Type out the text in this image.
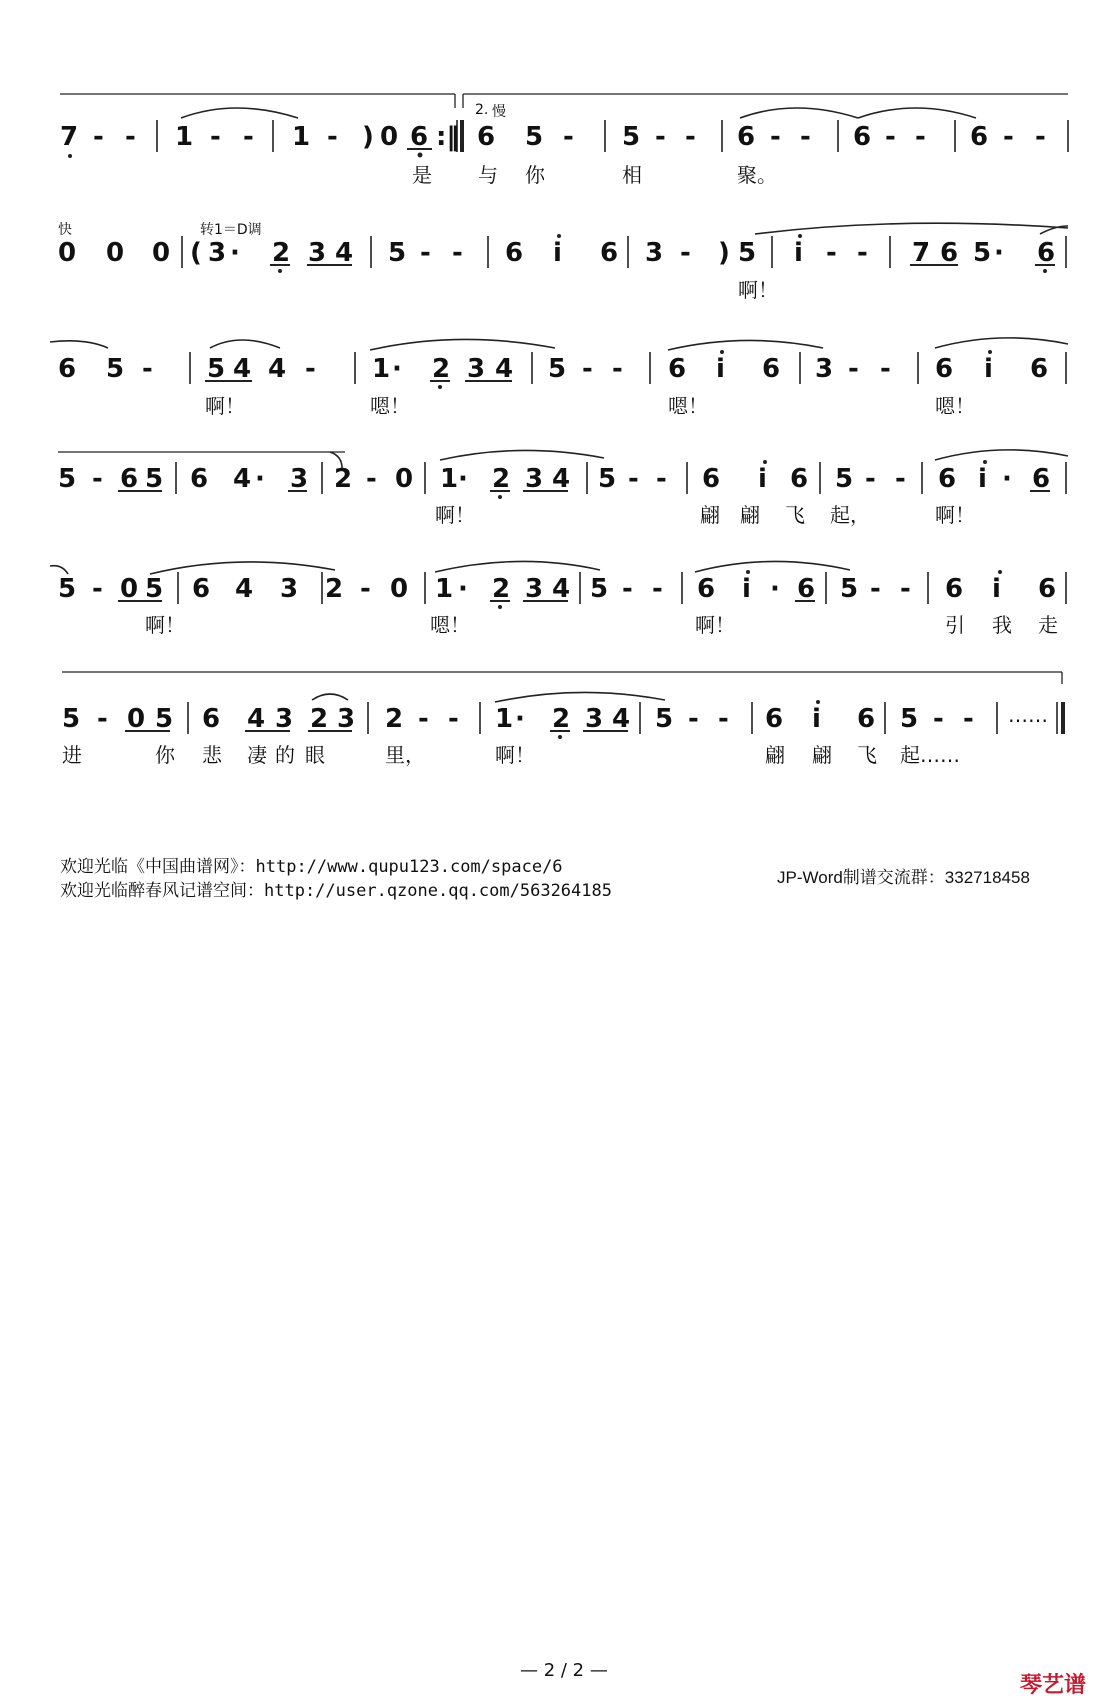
2. 慢
7 - - 1 - - 1 - ) 0 6 :‖ 6 5 - 5 - - 6 - - 6 - - 6 - -
是 与 你	相	聚。
快	转1＝D调
0 0 0 ( 3 · 2 3 4 5 - - 6 i 6 3 - ) 5 i - - 7 6 5 · 6
啊！
6 5 - 5 4 4 - 1 · 2 3 4 5 - - 6 i 6 3 - - 6 i 6
啊！	嗯！	嗯！	嗯！
5 - 6 5 6 4 · 3 2 - 0 1 · 2 3 4 5 - - 6 i 6 5 - - 6 i · 6
啊！	翩 翩 飞 起，	啊！
5 - 0 5 6 4 3 2 - 0 1 · 2 3 4 5 - - 6 i · 6 5 - - 6 i 6
啊！	嗯！	啊！	引 我 走
5 - 0 5 6 4 3 2 3 2 - - 1 · 2 3 4 5 - - 6 i 6 5 - - ……
进	你 悲 凄 的 眼	里，	啊！	翩 翩 飞 起……
欢迎光临《中国曲谱网》：http://www.qupu123.com/space/6
欢迎光临醉春风记谱空间：http://user.qzone.qq.com/563264185
JP-Word制谱交流群：332718458
— 2 / 2 —
琴艺谱
